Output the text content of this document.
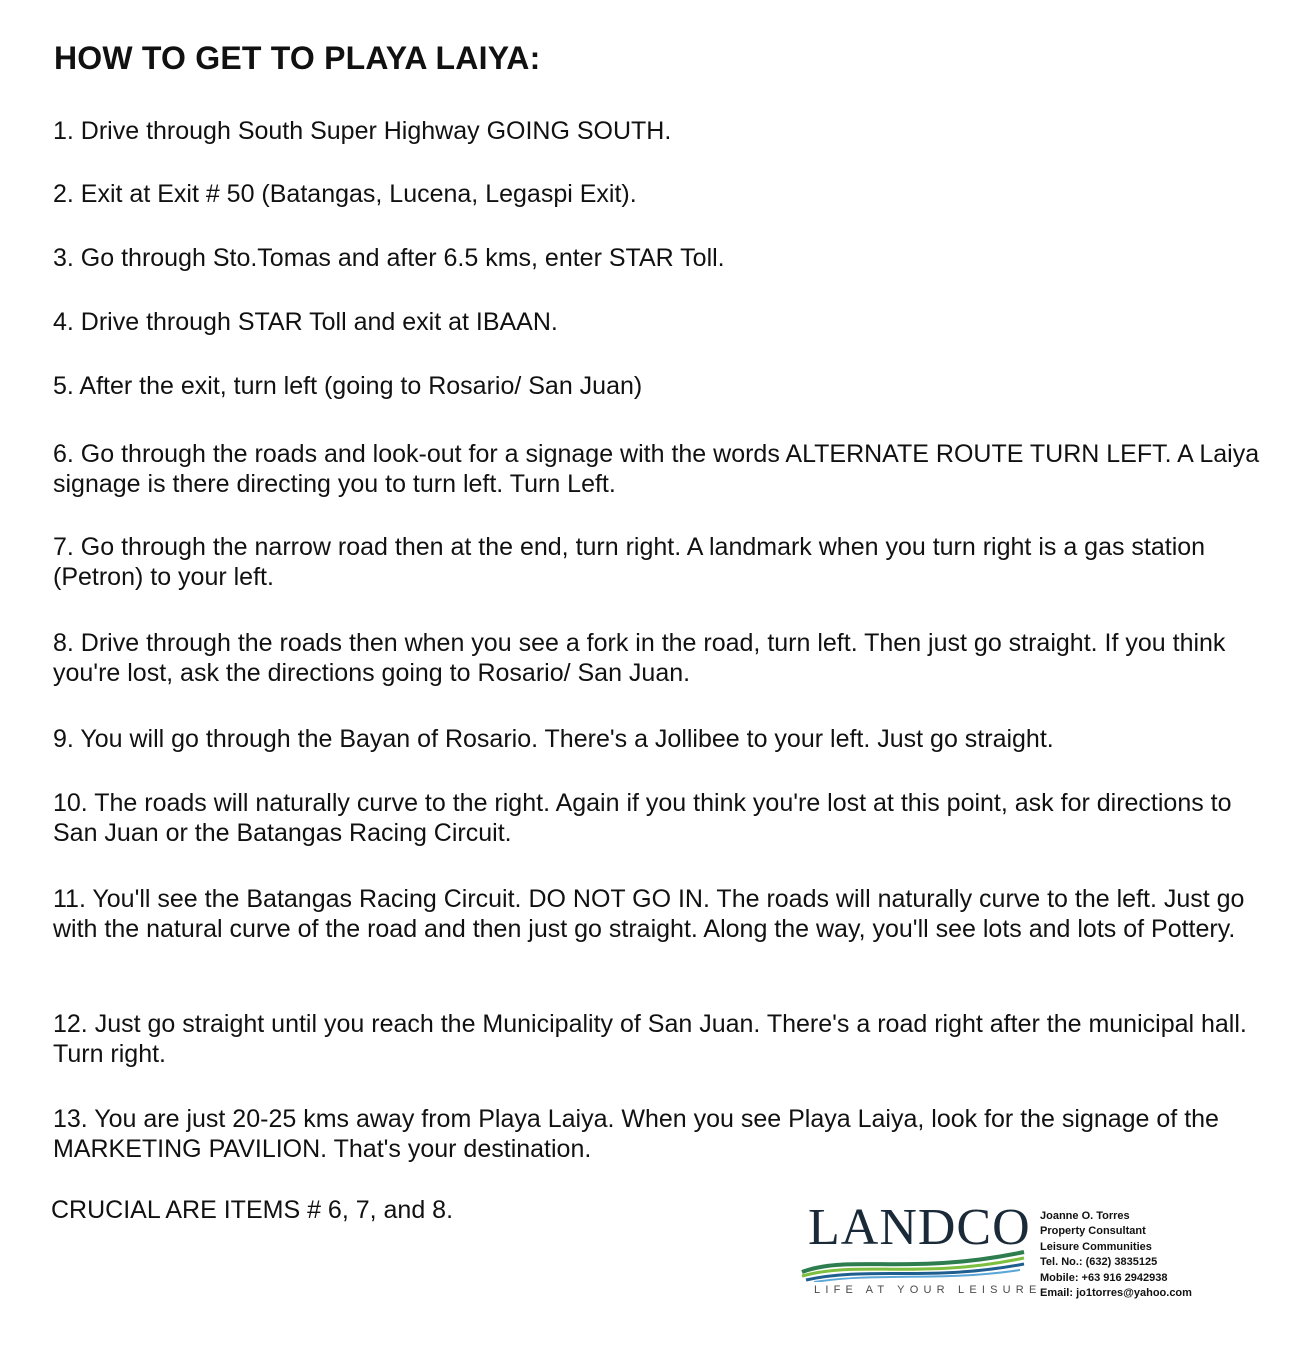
HOW TO GET TO PLAYA LAIYA:

1. Drive through South Super Highway GOING SOUTH.

2. Exit at Exit # 50 (Batangas, Lucena, Legaspi Exit).

3. Go through Sto.Tomas and after 6.5 kms, enter STAR Toll.

4. Drive through STAR Toll and exit at IBAAN.

5. After the exit, turn left (going to Rosario/ San Juan)

6. Go through the roads and look-out for a signage with the words ALTERNATE ROUTE TURN LEFT. A Laiya signage is there directing you to turn left. Turn Left.

7. Go through the narrow road then at the end, turn right. A landmark when you turn right is a gas station (Petron) to your left.

8. Drive through the roads then when you see a fork in the road, turn left. Then just go straight. If you think you're lost, ask the directions going to Rosario/ San Juan.

9. You will go through the Bayan of Rosario. There's a Jollibee to your left. Just go straight.

10. The roads will naturally curve to the right. Again if you think you're lost at this point, ask for directions to San Juan or the Batangas Racing Circuit.

11. You'll see the Batangas Racing Circuit. DO NOT GO IN. The roads will naturally curve to the left. Just go with the natural curve of the road and then just go straight. Along the way, you'll see lots and lots of Pottery.

12. Just go straight until you reach the Municipality of San Juan. There's a road right after the municipal hall. Turn right.

13. You are just 20-25 kms away from Playa Laiya. When you see Playa Laiya, look for the signage of the MARKETING PAVILION. That's your destination.

CRUCIAL ARE ITEMS # 6, 7, and 8.	LANDCO
LIFE AT YOUR LEISURE
Joanne O. Torres
Property Consultant
Leisure Communities
Tel. No.: (632) 3835125
Mobile: +63 916 2942938
Email: jo1torres@yahoo.com
